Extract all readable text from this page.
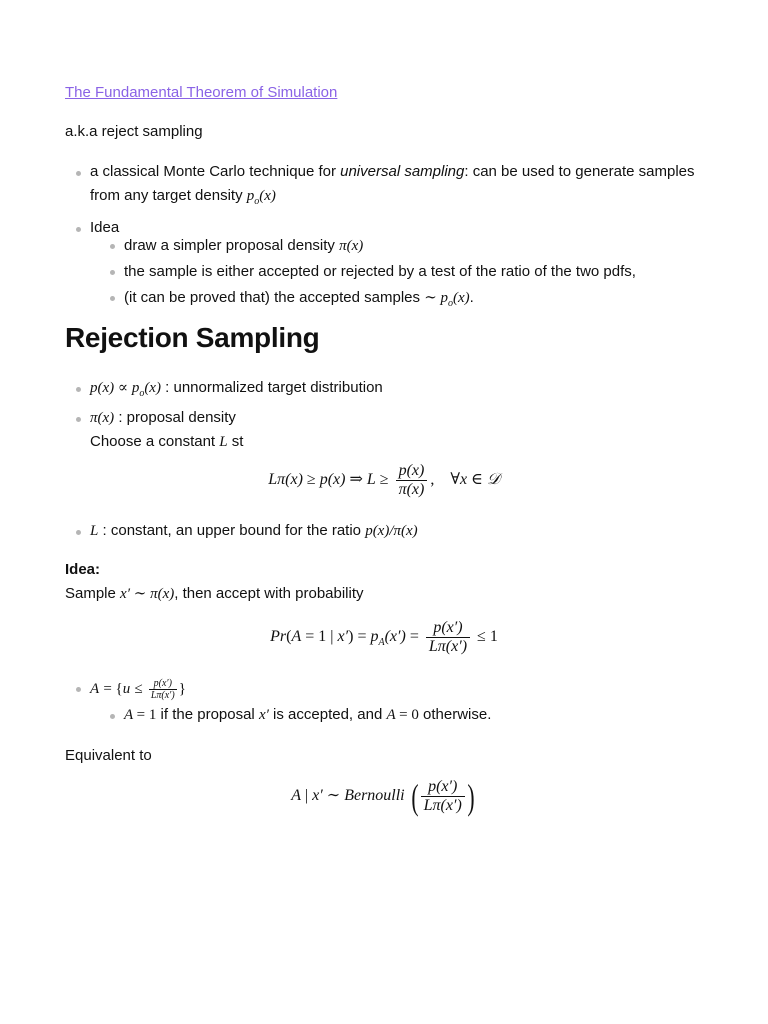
The Fundamental Theorem of Simulation
a.k.a reject sampling
a classical Monte Carlo technique for universal sampling: can be used to generate samples
from any target density $p_o(x)$
Idea
draw a simpler proposal density π(x)
the sample is either accepted or rejected by a test of the ratio of the two pdfs,
(it can be proved that) the accepted samples ∼ $p_o(x)$.
Rejection Sampling
$p(x) \propto p_o(x)$ : unnormalized target distribution
π(x) : proposal density
Choose a constant L st
Lπ(x) ≥ p(x) ⇒ $L \ge \frac{p(x)}{\pi(x)}$ ,    ∀x ∈ 𝒟
L : constant, an upper bound for the ratio p(x)/π(x)
Idea:
Sample x′ ∼ π(x), then accept with probability
Pr(A = 1 | $x') = p_A(x') = \frac{p(x')}{L\pi(x')} \le 1$
$A = \{u \le \frac{p(x')}{L\pi(x')}$ }
A = 1 if the proposal x′ is accepted, and A = 0 otherwise.
Equivalent to
A | x′ ∼ Bernoulli ( $\frac{p(x')}{L\pi(x')}$ )
